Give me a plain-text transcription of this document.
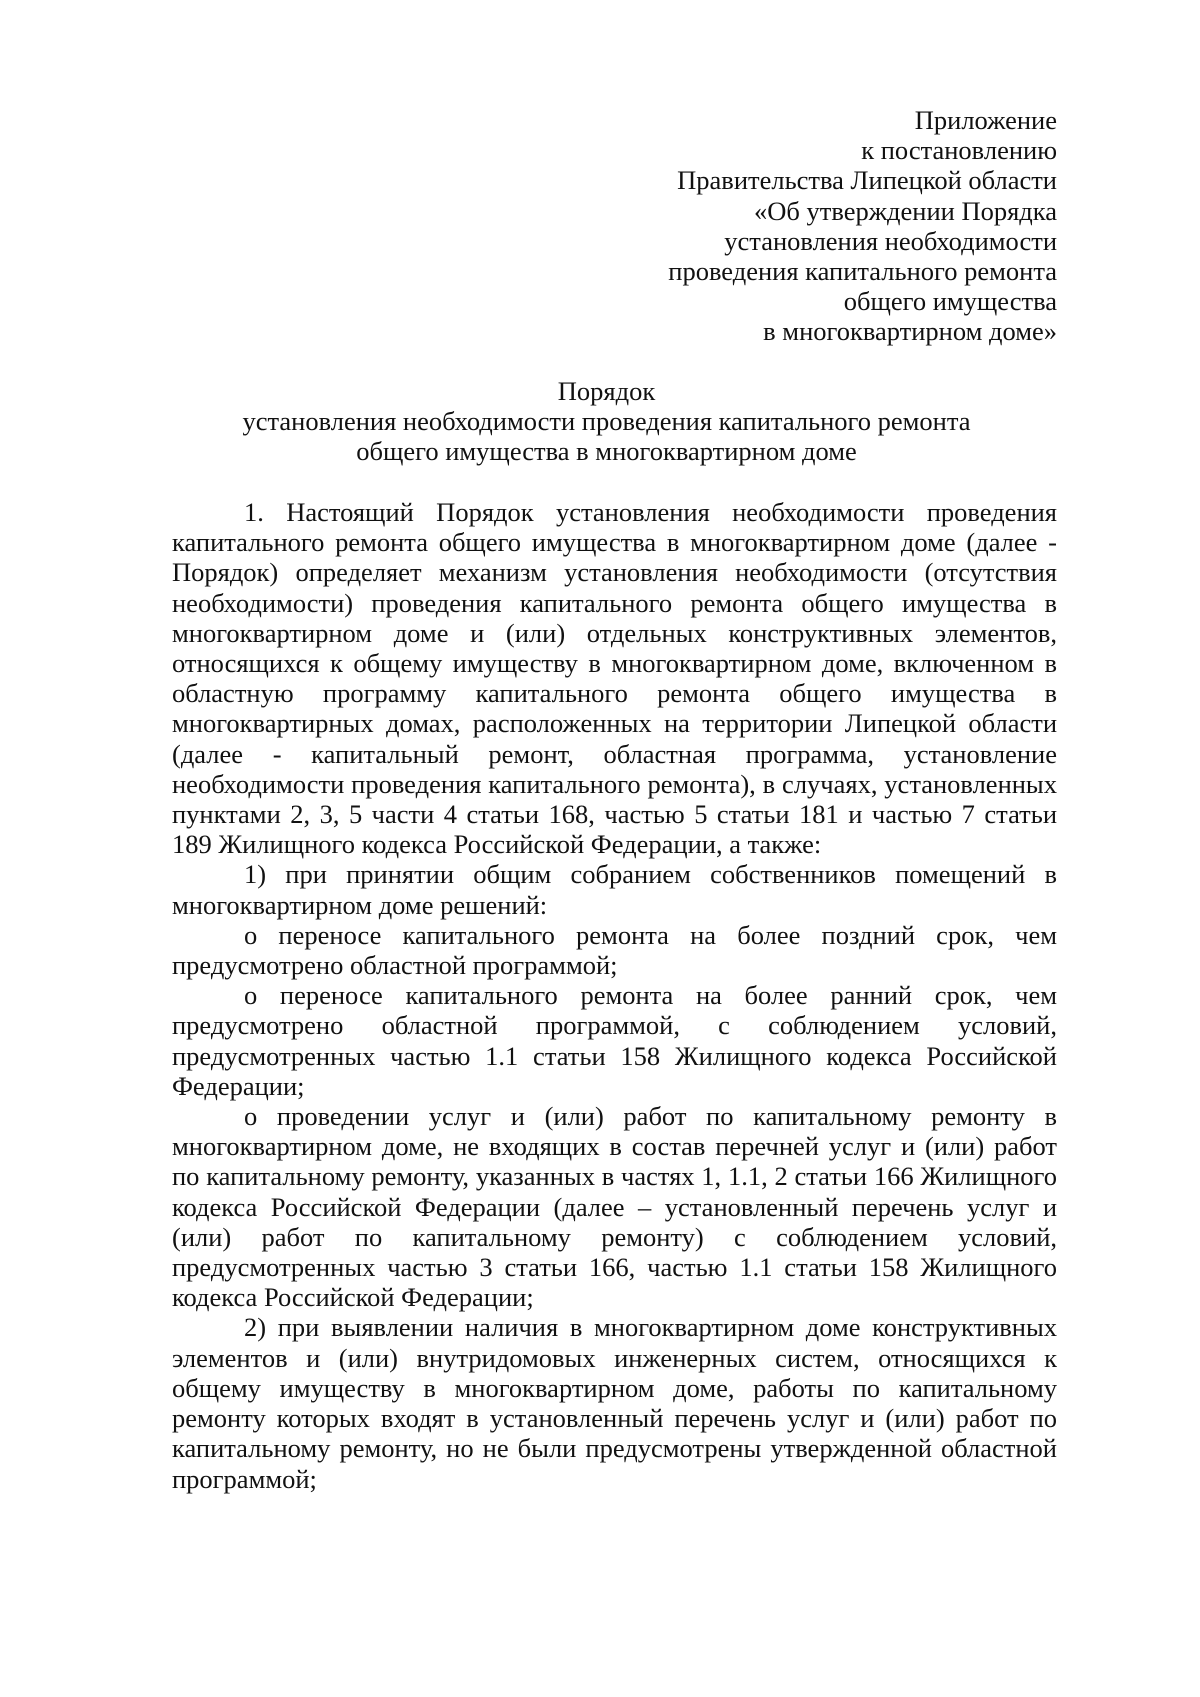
Приложение
к постановлению
Правительства Липецкой области
«Об утверждении Порядка
установления необходимости
проведения капитального ремонта
общего имущества
в многоквартирном доме»
Порядок
установления необходимости проведения капитального ремонта
общего имущества в многоквартирном доме

1. Настоящий Порядок установления необходимости проведения капитального ремонта общего имущества в многоквартирном доме (далее - Порядок) определяет механизм установления необходимости (отсутствия необходимости) проведения капитального ремонта общего имущества в многоквартирном доме и (или) отдельных конструктивных элементов, относящихся к общему имуществу в многоквартирном доме, включенном в областную программу капитального ремонта общего имущества в многоквартирных домах, расположенных на территории Липецкой области (далее - капитальный ремонт, областная программа, установление необходимости проведения капитального ремонта), в случаях, установленных пунктами 2, 3, 5 части 4 статьи 168, частью 5 статьи 181 и частью 7 статьи 189 Жилищного кодекса Российской Федерации, а также:

1) при принятии общим собранием собственников помещений в многоквартирном доме решений:

о переносе капитального ремонта на более поздний срок, чем предусмотрено областной программой;

о переносе капитального ремонта на более ранний срок, чем предусмотрено областной программой, с соблюдением условий, предусмотренных частью 1.1 статьи 158 Жилищного кодекса Российской Федерации;

о проведении услуг и (или) работ по капитальному ремонту в многоквартирном доме, не входящих в состав перечней услуг и (или) работ по капитальному ремонту, указанных в частях 1, 1.1, 2 статьи 166 Жилищного кодекса Российской Федерации (далее – установленный перечень услуг и (или) работ по капитальному ремонту) с соблюдением условий, предусмотренных частью 3 статьи 166, частью 1.1 статьи 158 Жилищного кодекса Российской Федерации;

2) при выявлении наличия в многоквартирном доме конструктивных элементов и (или) внутридомовых инженерных систем, относящихся к общему имуществу в многоквартирном доме, работы по капитальному ремонту которых входят в установленный перечень услуг и (или) работ по капитальному ремонту, но не были предусмотрены утвержденной областной программой;
